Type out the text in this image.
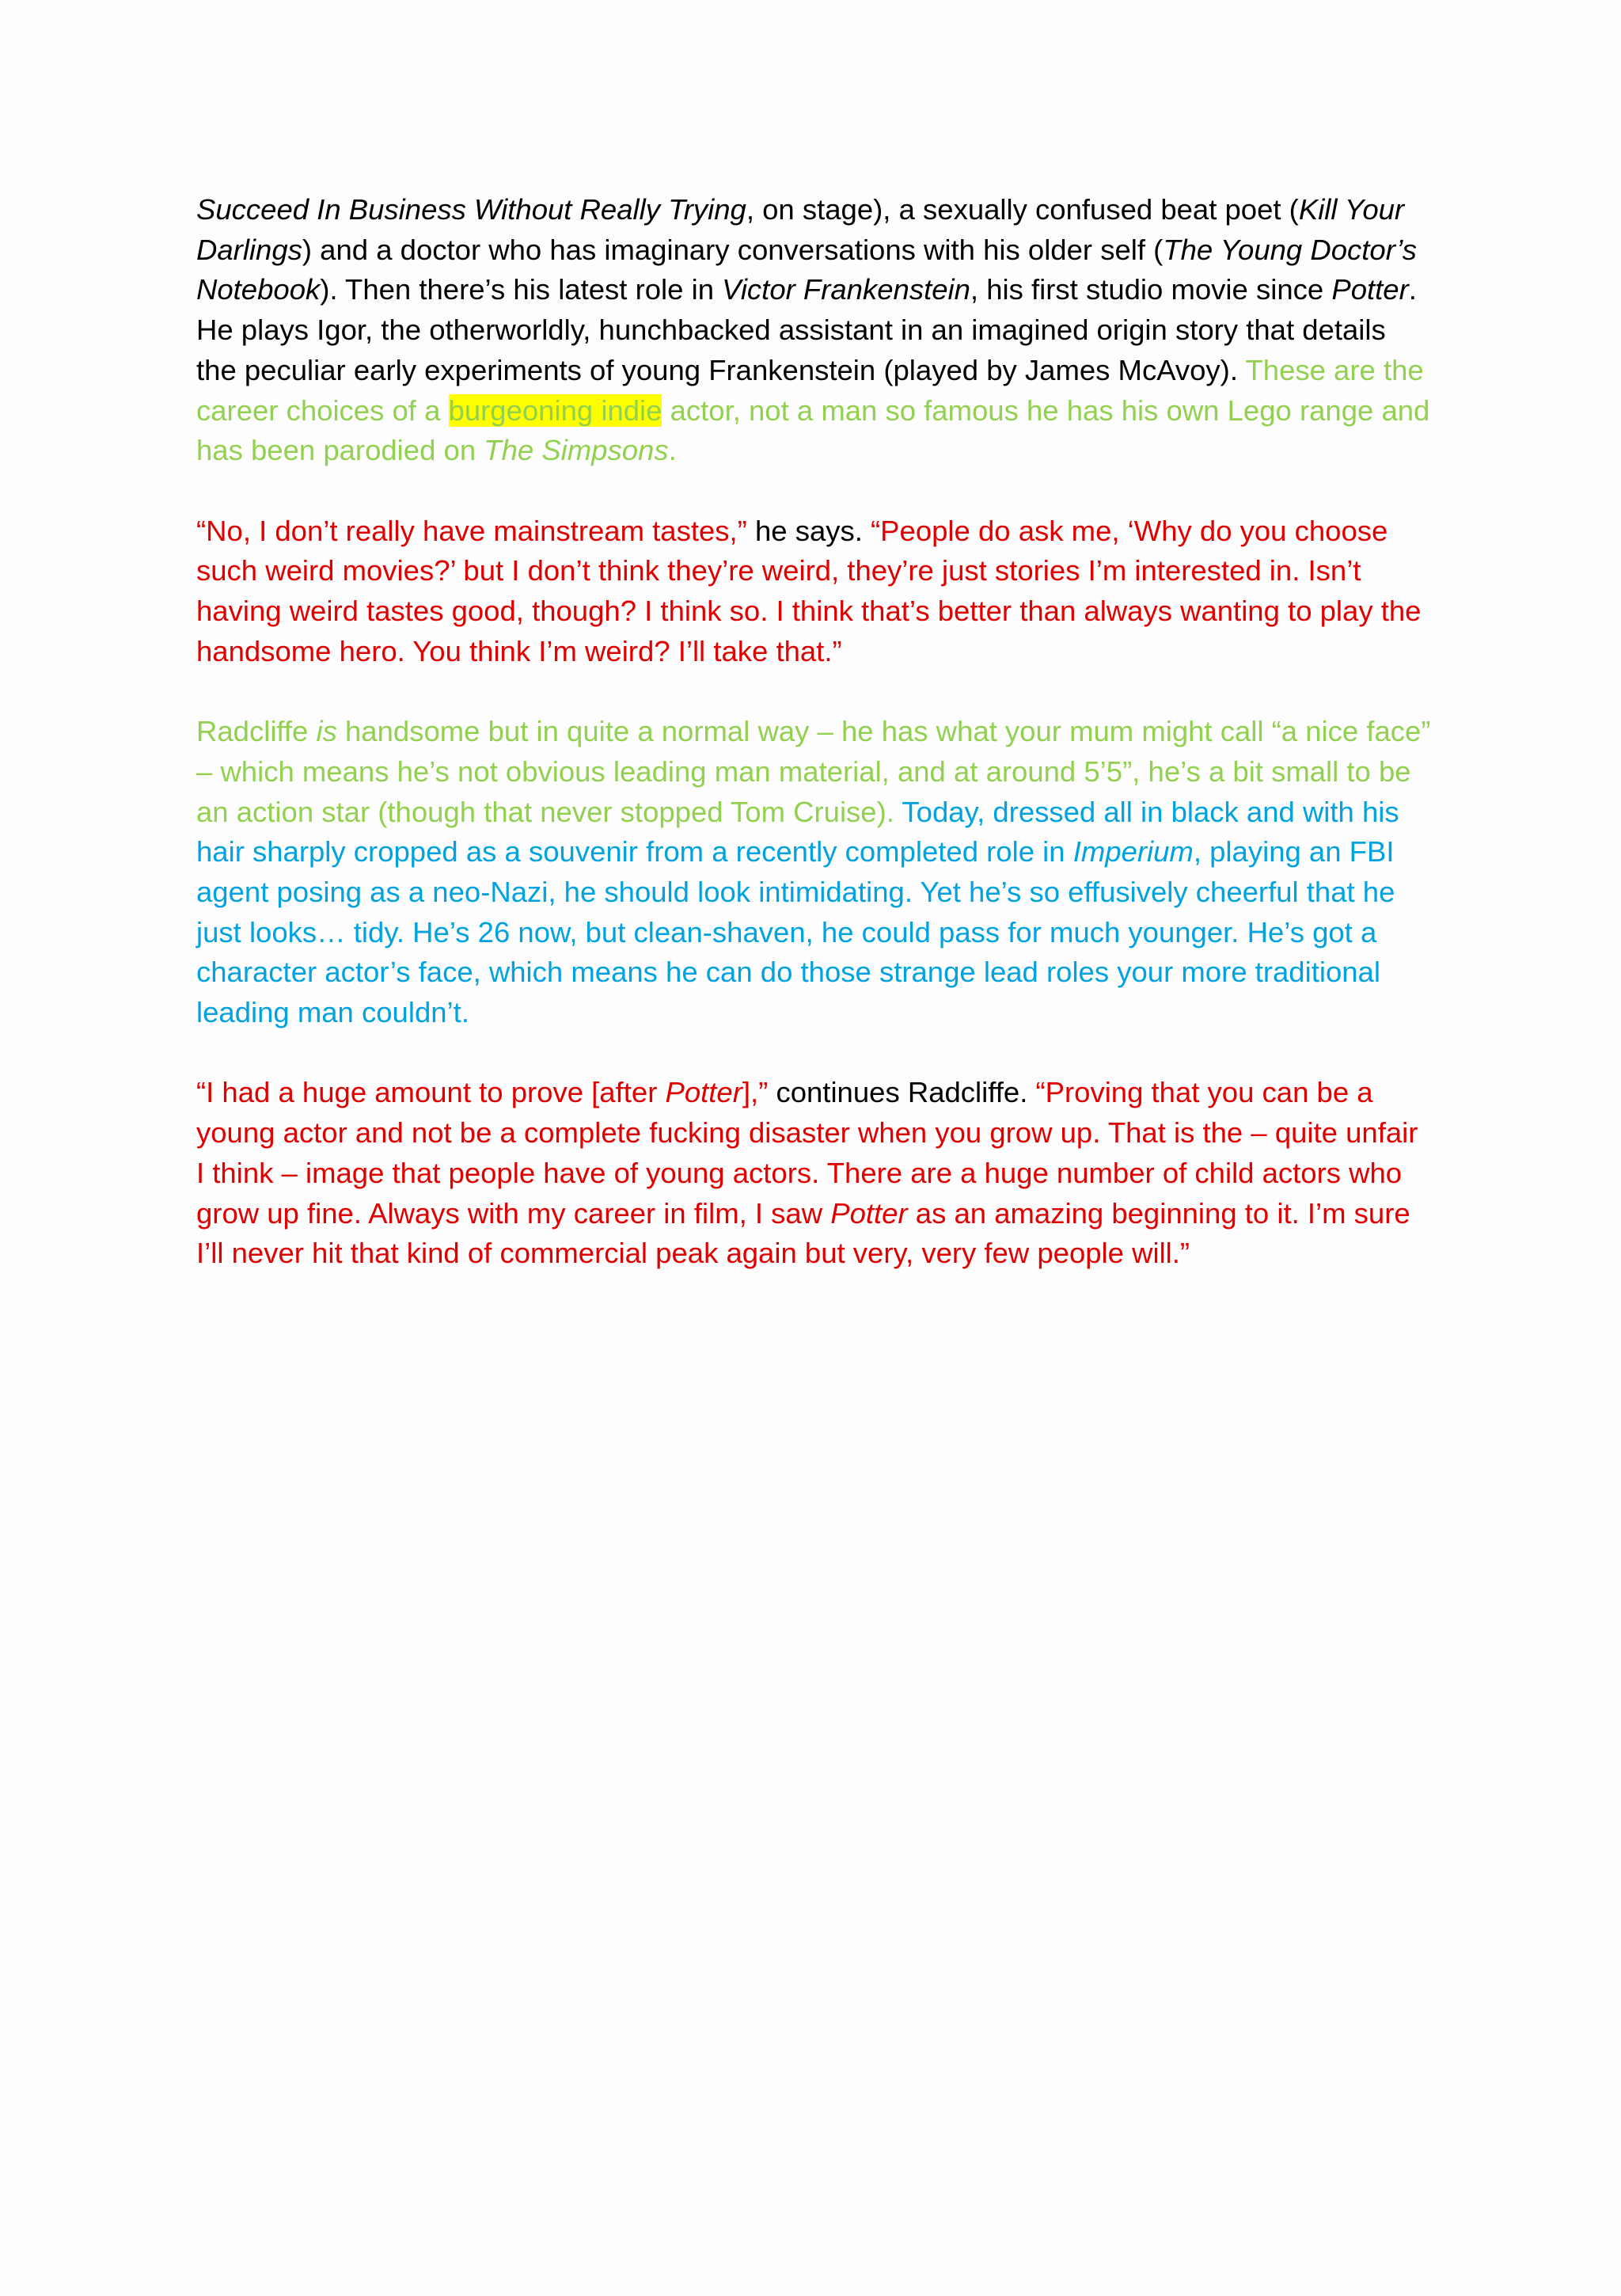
Succeed In Business Without Really Trying, on stage), a sexually confused beat poet (Kill Your Darlings) and a doctor who has imaginary conversations with his older self (The Young Doctor’s Notebook). Then there’s his latest role in Victor Frankenstein, his first studio movie since Potter. He plays Igor, the otherworldly, hunchbacked assistant in an imagined origin story that details the peculiar early experiments of young Frankenstein (played by James McAvoy). These are the career choices of a burgeoning indie actor, not a man so famous he has his own Lego range and has been parodied on The Simpsons.

“No, I don’t really have mainstream tastes,” he says. “People do ask me, ‘Why do you choose such weird movies?’ but I don’t think they’re weird, they’re just stories I’m interested in. Isn’t having weird tastes good, though? I think so. I think that’s better than always wanting to play the handsome hero. You think I’m weird? I’ll take that.”

Radcliffe is handsome but in quite a normal way – he has what your mum might call “a nice face” – which means he’s not obvious leading man material, and at around 5’5”, he’s a bit small to be an action star (though that never stopped Tom Cruise). Today, dressed all in black and with his hair sharply cropped as a souvenir from a recently completed role in Imperium, playing an FBI agent posing as a neo-Nazi, he should look intimidating. Yet he’s so effusively cheerful that he just looks… tidy. He’s 26 now, but clean-shaven, he could pass for much younger. He’s got a character actor’s face, which means he can do those strange lead roles your more traditional leading man couldn’t.

“I had a huge amount to prove [after Potter],” continues Radcliffe. “Proving that you can be a young actor and not be a complete fucking disaster when you grow up. That is the – quite unfair I think – image that people have of young actors. There are a huge number of child actors who grow up fine. Always with my career in film, I saw Potter as an amazing beginning to it. I’m sure I’ll never hit that kind of commercial peak again but very, very few people will.”
